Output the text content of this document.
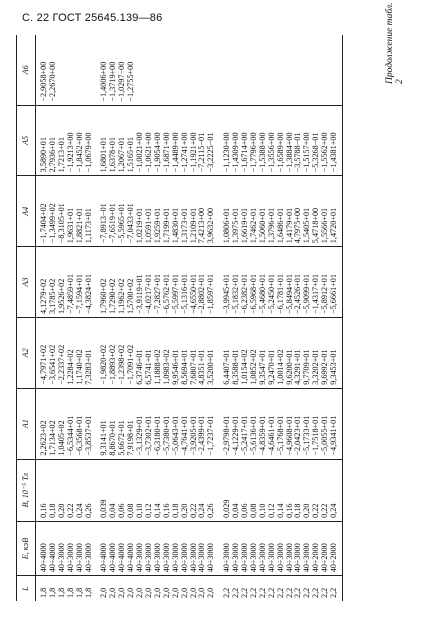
С. 22 ГОСТ 25645.139—86	Продолжение табл. 2
L	E, кэВ	B, 10⁻⁵ Тл	A1	A2	A3	A4	A5	A6
1,8	40÷4000	0,16	2,2623+02	−4,7971+02	4,1279+02	−1,7404+02	3,5890+01	−2,9058+00
1,8	40÷4000	0,18	1,7134+02	−3,6541+02	3,1785+02	−1,3499+02	2,7936+01	−2,2670+00
1,8	40÷3000	0,20	1,0405+02	−2,2337+02	1,9526+02	−8,3105+01	1,7213+01	
1,8	40÷3000	0,22	−6,5344+01	1,2284+02	−7,4859+01	1,9631+01	−1,9213+00	
1,8	40÷3000	0,24	−6,3568+01	1,1740+02	−7,1594+01	1,8821+01	−1,8452+00	
1,8	40÷3000	0,26	−3,8537+01	7,3283+01	−4,3824+01	1,1173+01	−1,0679+00	
2,0	40÷4000	0,039	9,3141+01	−1,9820+02	1,7960+02	−7,8913−01	1,6801+01	−1,4006+00
2,0	40÷4000	0,04	8,8670+01	−1,8893+02	1,7290+02	−7,6519+01	1,6378+01	−1,3719+00
2,0	40÷4000	0,06	5,6672+01	−1,2398+02	1,1962+02	−5,5965+01	1,2067+01	−1,0297−00
2,0	40÷4000	0,08	7,9198+01	−1,7091+02	1,5700+02	−7,0433+01	1,5165+01	−1,2755+00
2,0	40÷3000	0,10	−3,1329+01	6,3746+01	−3,9119+01	1,0219+01	−1,0021+00	
2,0	40÷3000	0,12	−3,7302+01	6,5741+01	−4,0217+01	1,0591+01	−1,0621+00	
2,0	40÷3000	0,14	−6,3180+01	1,1888+02	−7,2827+01	1,9259+01	−1,9054+00	
2,0	40÷3000	0,16	−5,7380+01	1,0983+02	−6,5762+01	1,7199+01	−1,6871+00	
2,0	40÷3000	0,18	−5,0643+01	9,9546+01	−5,5997+01	1,4830+01	−1,4489+00	
2,0	40÷3000	0,20	−4,7641+01	8,5694+01	−5,1316+01	1,3173+01	−1,2741+00	
2,0	40÷3000	0,22	−3,9205+01	7,6807+01	−4,6550+01	1,2109+01	−1,1921+00	
2,0	40÷3000	0,24	−2,4399+01	4,8351+01	−2,8802+01	7,4213+00	−7,2115−01	
2,0	40÷3000	0,26	−1,7237+01	3,5200+01	−1,8597+01	3,9632+00	−3,2225−01	
2,2	40÷3000	0,029	−2,9798+01	6,4407+01	−3,9945+01	1,0806+01	−1,1230+00	
2,2	40÷3000	0,04	−4,1229+01	8,3588+01	−5,1832+01	1,3975+01	−1,4309+00	
2,2	40÷3000	0,06	−5,2417+01	1,0154+02	−6,2382+01	1,6619+01	−1,6714+00	
2,2	40÷3000	0,08	−5,6136+01	1,0852+02	−6,5968+01	1,7462+01	−1,7796+00	
2,2	40÷3000	0,10	−4,8359+01	9,3547+01	−5,4680+01	1,5060+01	−1,5388+00	
2,2	40÷3000	0,12	−4,6461+01	9,2470+01	−5,2450+01	1,3796+01	−1,3556+00	
2,2	40÷3000	0,14	−5,1768+01	1,0014+02	−6,1781+01	1,6486+01	−1,6589+00	
2,2	40÷3000	0,16	−4,9608+01	9,6200+01	−5,8494+01	1,4179+01	−1,3884+00	
2,2	40÷3000	0,18	−2,0423+01	4,3291+01	−2,4526+01	4,7975+00	−3,5788−01	
2,2	40÷3000	0,20	−5,1733+01	9,7709+01	−5,9099+01	1,5405+01	−1,5157+00	
2,2	40÷2000	0,22	−1,7518+01	3,3202+01	−1,4317+01	5,4718+00	−5,3268−01	
2,2	40÷2000	0,22	−5,0055+01	9,6992+01	−5,8912+01	1,5566+01	−1,5562+00	
2,2	40÷2000	0,24	−4,9341+01	9,3453+01	−5,6661+01	1,4720+01	−1,4381+00	
